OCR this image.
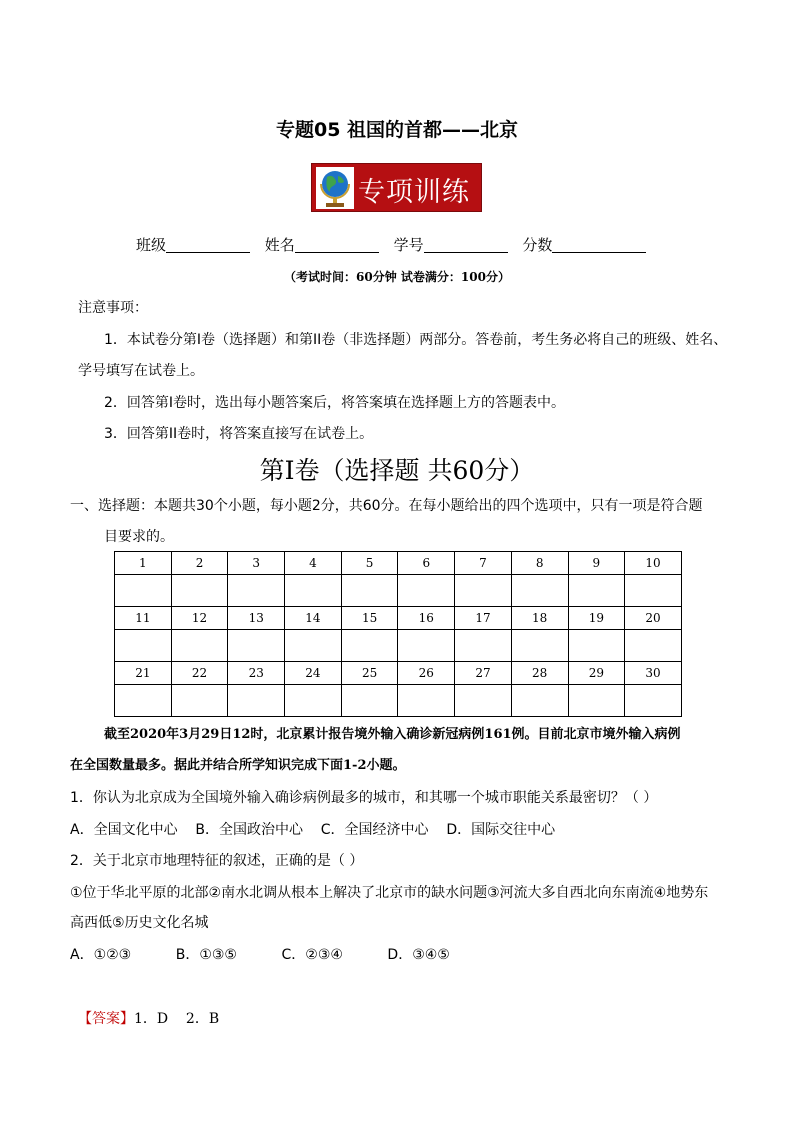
专题05 祖国的首都——北京
专项训练
班级	姓名	学号	分数
（考试时间：60分钟 试卷满分：100分）
注意事项：
1．本试卷分第I卷（选择题）和第II卷（非选择题）两部分。答卷前，考生务必将自己的班级、姓名、
学号填写在试卷上。
2．回答第I卷时，选出每小题答案后，将答案填在选择题上方的答题表中。
3．回答第II卷时，将答案直接写在试卷上。
第I卷（选择题 共60分）
一、选择题：本题共30个小题，每小题2分，共60分。在每小题给出的四个选项中，只有一项是符合题
目要求的。
1	2	3	4	5	6	7	8	9	10

11	12	13	14	15	16	17	18	19	20

21	22	23	24	25	26	27	28	29	30

截至2020年3月29日12时，北京累计报告境外输入确诊新冠病例161例。目前北京市境外输入病例
在全国数量最多。据此并结合所学知识完成下面1-2小题。
1．你认为北京成为全国境外输入确诊病例最多的城市，和其哪一个城市职能关系最密切？（ ）
A．全国文化中心    B．全国政治中心    C．全国经济中心    D．国际交往中心
2．关于北京市地理特征的叙述，正确的是（ ）
①位于华北平原的北部②南水北调从根本上解决了北京市的缺水问题③河流大多自西北向东南流④地势东
高西低⑤历史文化名城
A．①②③          B．①③⑤          C．②③④          D．③④⑤
【答案】1．D    2．B
